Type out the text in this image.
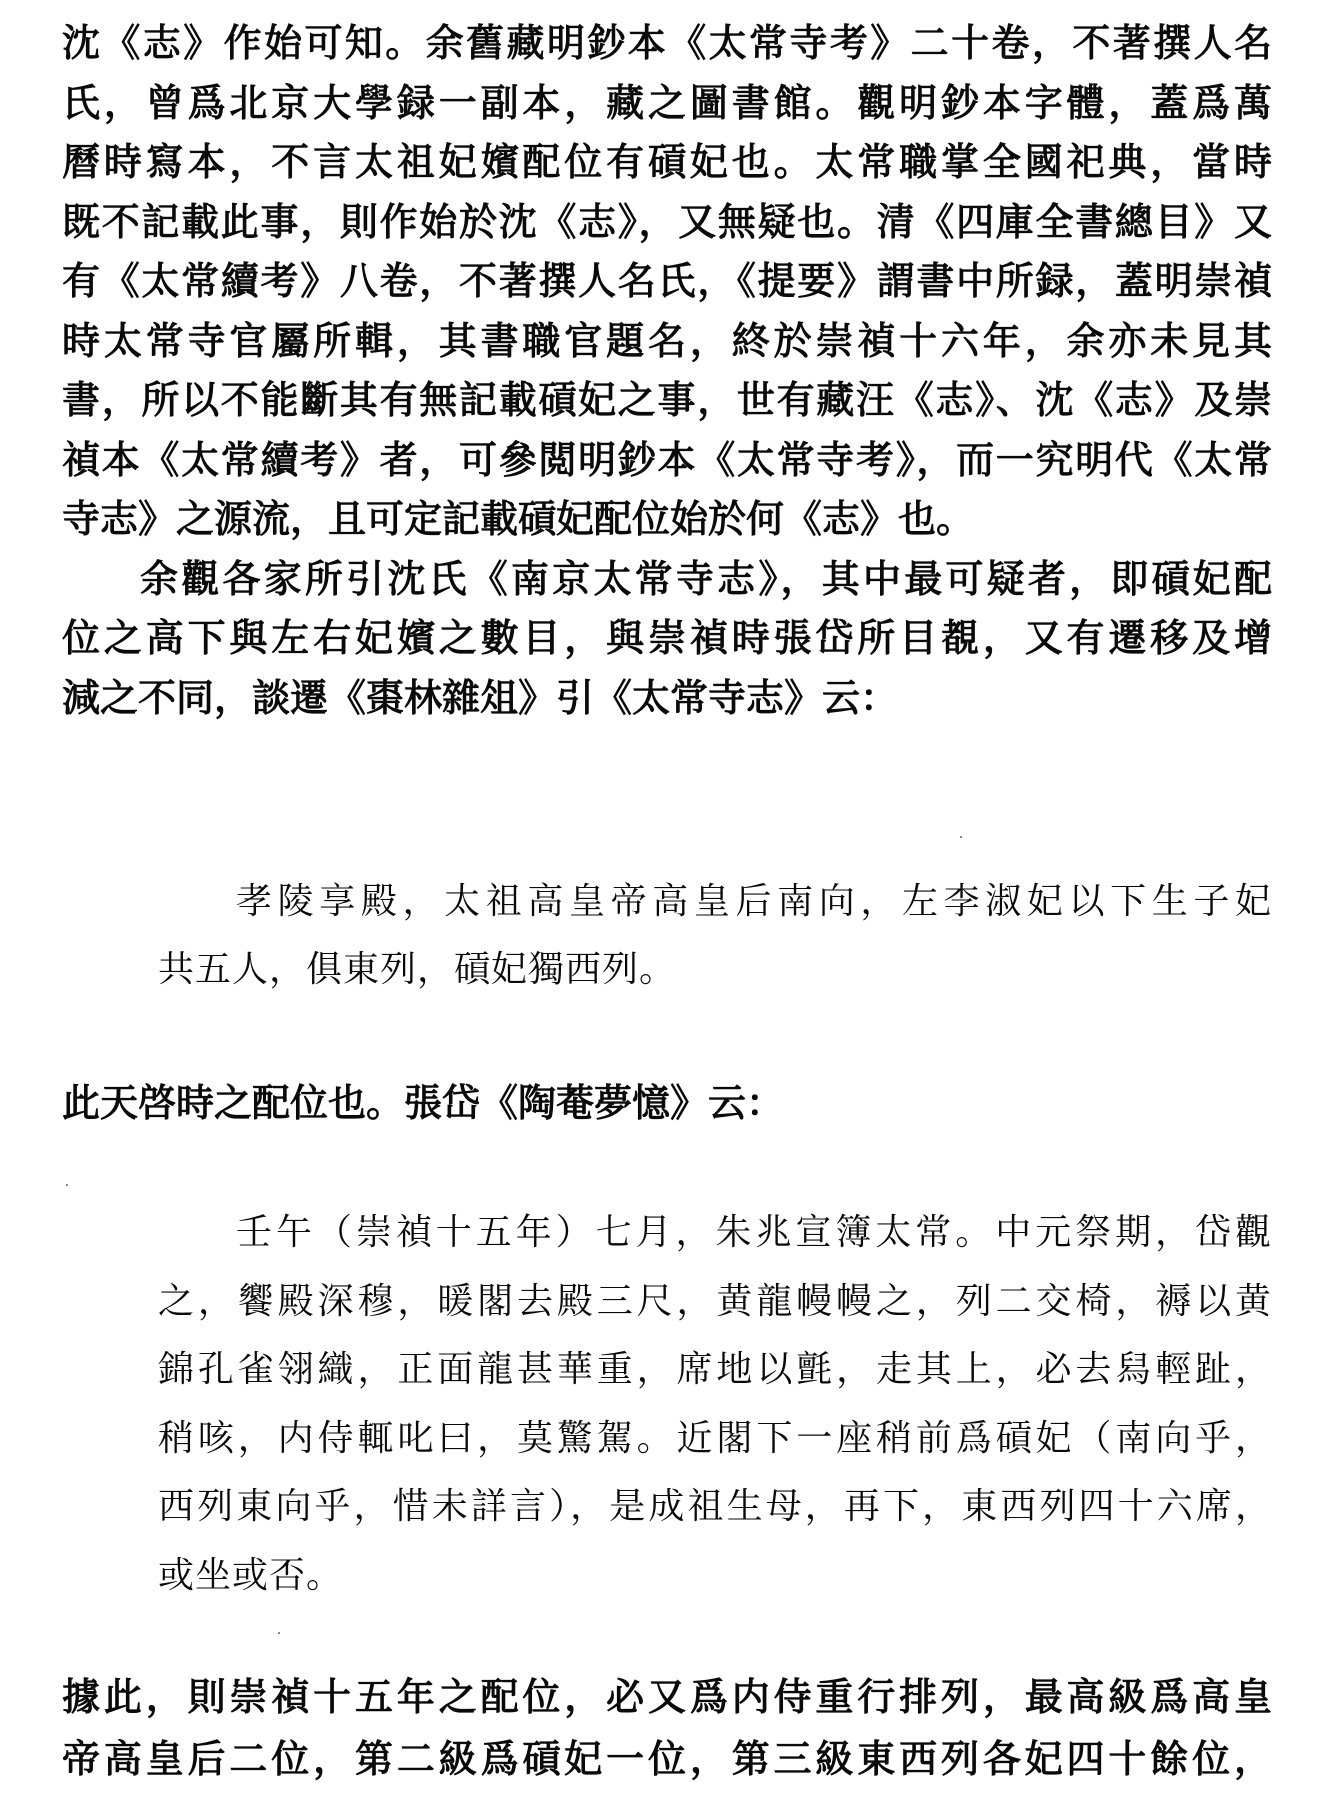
沈《志》作始可知。余舊藏明鈔本《太常寺考》二十卷，不著撰人名
氏，曾爲北京大學録一副本，藏之圖書館。觀明鈔本字體，蓋爲萬
曆時寫本，不言太祖妃嬪配位有碽妃也。太常職掌全國祀典，當時
既不記載此事，則作始於沈《志》，又無疑也。清《四庫全書總目》又
有《太常續考》八卷，不著撰人名氏，《提要》謂書中所録，蓋明崇禎
時太常寺官屬所輯，其書職官題名，終於崇禎十六年，余亦未見其
書，所以不能斷其有無記載碽妃之事，世有藏汪《志》、沈《志》及崇
禎本《太常續考》者，可參閲明鈔本《太常寺考》，而一究明代《太常
寺志》之源流，且可定記載碽妃配位始於何《志》也。
余觀各家所引沈氏《南京太常寺志》，其中最可疑者，即碽妃配
位之高下與左右妃嬪之數目，與崇禎時張岱所目覩，又有遷移及增
減之不同，談遷《棗林雜俎》引《太常寺志》云：
孝陵享殿，太祖高皇帝高皇后南向，左李淑妃以下生子妃
共五人，俱東列，碽妃獨西列。
此天啓時之配位也。張岱《陶菴夢憶》云：
壬午（崇禎十五年）七月，朱兆宣簿太常。中元祭期，岱觀
之，饗殿深穆，暖閣去殿三尺，黄龍幔幔之，列二交椅，褥以黄
錦孔雀翎織，正面龍甚華重，席地以氈，走其上，必去舄輕趾，
稍咳，内侍輒叱曰，莫驚駕。近閣下一座稍前爲碽妃（南向乎，
西列東向乎，惜未詳言），是成祖生母，再下，東西列四十六席，
或坐或否。
據此，則崇禎十五年之配位，必又爲内侍重行排列，最高級爲高皇
帝高皇后二位，第二級爲碽妃一位，第三級東西列各妃四十餘位，
